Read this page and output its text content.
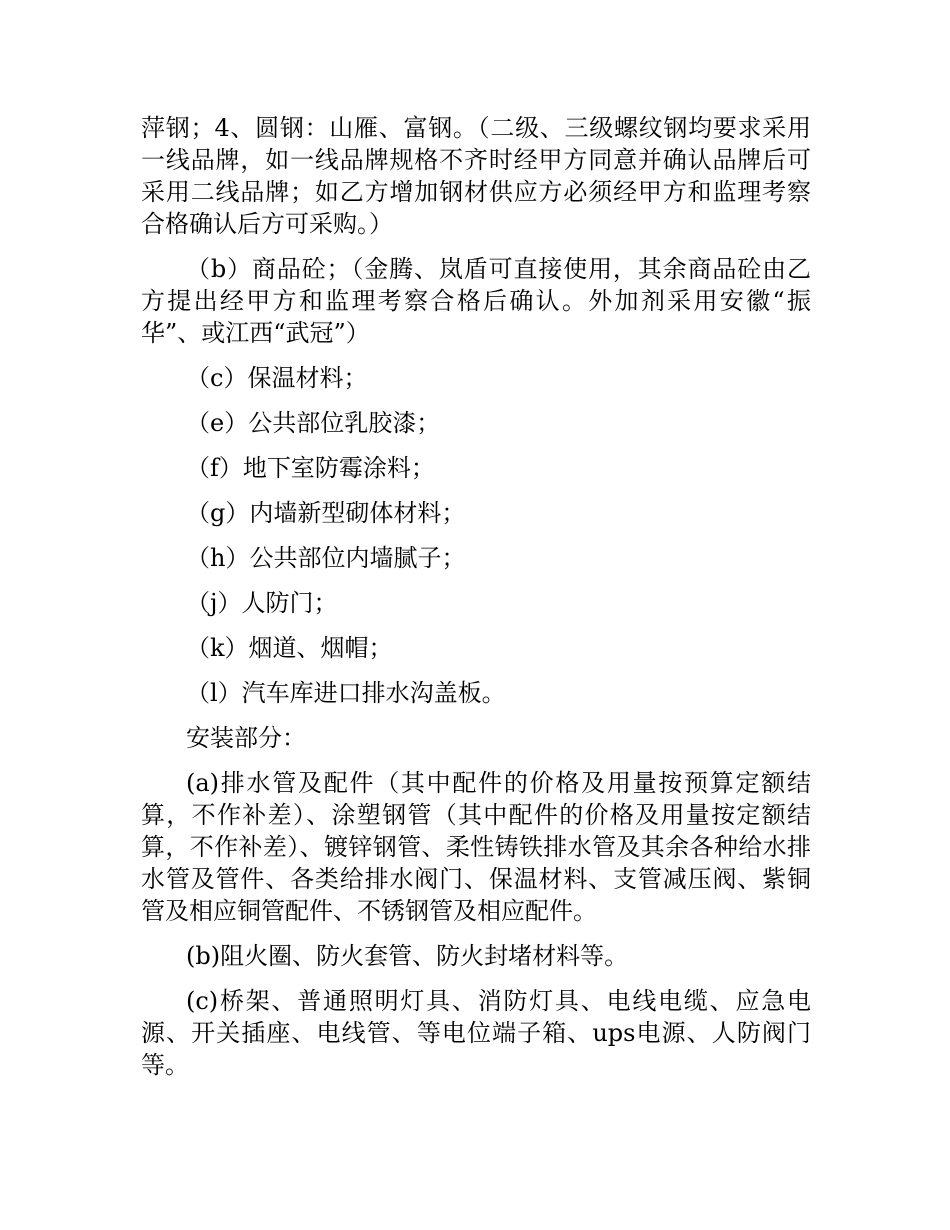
萍钢；4、圆钢：山雁、富钢。（二级、三级螺纹钢均要求采用一线品牌，如一线品牌规格不齐时经甲方同意并确认品牌后可采用二线品牌；如乙方增加钢材供应方必须经甲方和监理考察合格确认后方可采购。）

（b）商品砼；（金腾、岚盾可直接使用，其余商品砼由乙方提出经甲方和监理考察合格后确认。外加剂采用安徽“振华”、或江西“武冠”）

（c）保温材料；

（e）公共部位乳胶漆；

（f）地下室防霉涂料；

（g）内墙新型砌体材料；

（h）公共部位内墙腻子；

（j）人防门；

（k）烟道、烟帽；

（l）汽车库进口排水沟盖板。

安装部分：

(a)排水管及配件（其中配件的价格及用量按预算定额结算，不作补差）、涂塑钢管（其中配件的价格及用量按定额结算，不作补差）、镀锌钢管、柔性铸铁排水管及其余各种给水排水管及管件、各类给排水阀门、保温材料、支管减压阀、紫铜管及相应铜管配件、不锈钢管及相应配件。

(b)阻火圈、防火套管、防火封堵材料等。

(c)桥架、普通照明灯具、消防灯具、电线电缆、应急电源、开关插座、电线管、等电位端子箱、ups电源、人防阀门等。
